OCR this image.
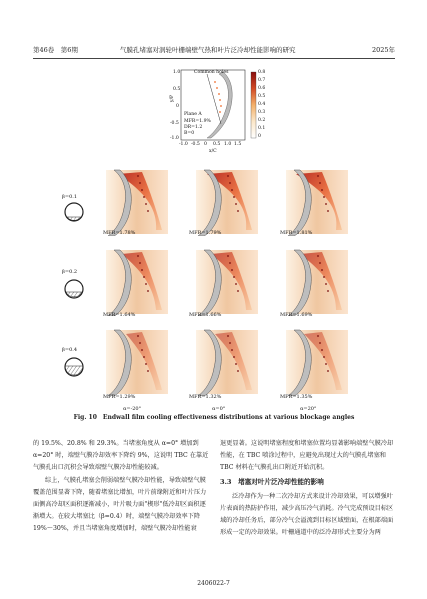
第46卷　第6期	气膜孔堵塞对涡轮叶栅端壁气热和叶片泛冷却性能影响的研究	2025年
Common holes
Plane A
MFR=1.9%
DR=1.2
B=0
y/P
x/C
1.0
0.5
0
-0.5
-1.0
-1.0 -0.5 0 0.5 1.0 1.5
0.8
0.7
0.6
0.5
0.4
0.3
0.2
0.1
0
β=0.1
β=0.2
β=0.4
MFR=1.78%	MFR=1.79%	MFR=1.81%
MFR=1.64%	MFR=1.66%	MFR=1.69%
MFR=1.29%	MFR=1.32%	MFR=1.35%
α=-20°	α=0°	α=20°
Fig. 10　Endwall film cooling effectiveness distributions at various blockage angles
的 19.5%、20.8% 和 29.3%。当堵塞角度从 α=0° 增加到 α=20° 时，端壁气膜冷却效率下降约 9%，这说明 TBC 在靠近气膜孔出口沉积会导致端壁气膜冷却性能较减。
综上，气膜孔堵塞会削弱端壁气膜冷却性能，导致端壁气膜覆盖范围显著下降，随着堵塞比增加，叶片前缘附近和叶片压力面侧高冷却区面积逐渐减小，叶片吸力面"楔形"低冷却区面积逐渐增大。在较大堵塞比（β=0.4）时，端壁气膜冷却效率下降 19%～30%，并且当堵塞角度增加时，端壁气膜冷却性能衰
退更显著。这说明堵塞程度和堵塞位置均显著影响端壁气膜冷却性能，在 TBC 喷涂过程中，应避免出现过大的气膜孔堵塞和 TBC 材料在气膜孔出口附近开始沉积。
3.3　堵塞对叶片泛冷却性能的影响
泛冷却作为一种二次冷却方式来设计冷却效果，可以增强叶片表面的热防护作用，减少高压冷气消耗。冷气完成预设目标区域的冷却任务后，部分冷气会溢流到目标区域壁面，在根部端面形成一定的冷却效果。叶栅通道中的泛冷却形式主要分为两
2406022-7
